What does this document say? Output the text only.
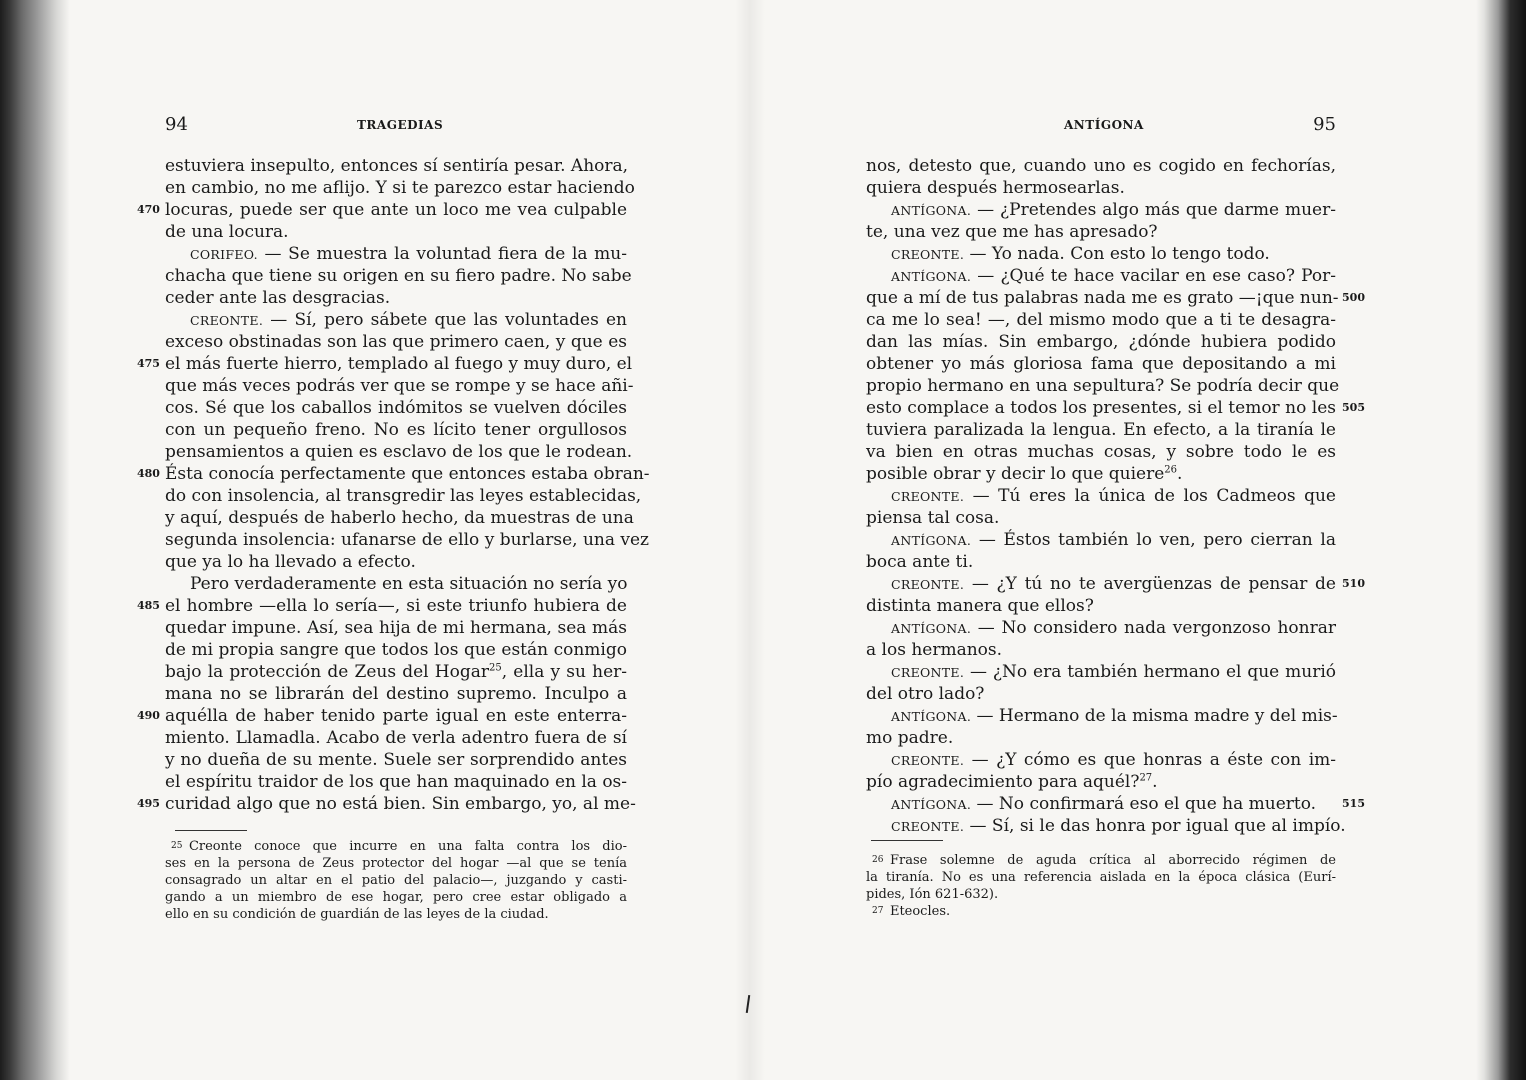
94	TRAGEDIAS
estuviera insepulto, entonces sí sentiría pesar. Ahora,
en cambio, no me aflijo. Y si te parezco estar haciendo
470 locuras, puede ser que ante un loco me vea culpable
de una locura.
CORIFEO. — Se muestra la voluntad fiera de la mu-
chacha que tiene su origen en su fiero padre. No sabe
ceder ante las desgracias.
CREONTE. — Sí, pero sábete que las voluntades en
exceso obstinadas son las que primero caen, y que es
475 el más fuerte hierro, templado al fuego y muy duro, el
que más veces podrás ver que se rompe y se hace añi-
cos. Sé que los caballos indómitos se vuelven dóciles
con un pequeño freno. No es lícito tener orgullosos
pensamientos a quien es esclavo de los que le rodean.
480 Ésta conocía perfectamente que entonces estaba obran-
do con insolencia, al transgredir las leyes establecidas,
y aquí, después de haberlo hecho, da muestras de una
segunda insolencia: ufanarse de ello y burlarse, una vez
que ya lo ha llevado a efecto.
Pero verdaderamente en esta situación no sería yo
485 el hombre —ella lo sería—, si este triunfo hubiera de
quedar impune. Así, sea hija de mi hermana, sea más
de mi propia sangre que todos los que están conmigo
bajo la protección de Zeus del Hogar$^{25}$, ella y su her-
mana no se librarán del destino supremo. Inculpo a
490 aquélla de haber tenido parte igual en este enterra-
miento. Llamadla. Acabo de verla adentro fuera de sí
y no dueña de su mente. Suele ser sorprendido antes
el espíritu traidor de los que han maquinado en la os-
495 curidad algo que no está bien. Sin embargo, yo, al me-
25  Creonte conoce que incurre en una falta contra los dio-
ses en la persona de Zeus protector del hogar —al que se tenía
consagrado un altar en el patio del palacio—, juzgando y casti-
gando a un miembro de ese hogar, pero cree estar obligado a
ello en su condición de guardián de las leyes de la ciudad.
95
ANTÍGONA
nos, detesto que, cuando uno es cogido en fechorías,
quiera después hermosearlas.
ANTÍGONA. — ¿Pretendes algo más que darme muer-
te, una vez que me has apresado?
CREONTE. — Yo nada. Con esto lo tengo todo.
ANTÍGONA. — ¿Qué te hace vacilar en ese caso? Por-
500
que a mí de tus palabras nada me es grato —¡que nun-
ca me lo sea! —, del mismo modo que a ti te desagra-
dan las mías. Sin embargo, ¿dónde hubiera podido
obtener yo más gloriosa fama que depositando a mi
propio hermano en una sepultura? Se podría decir que
505
esto complace a todos los presentes, si el temor no les
tuviera paralizada la lengua. En efecto, a la tiranía le
va bien en otras muchas cosas, y sobre todo le es
posible obrar y decir lo que quiere$^{26}$.
CREONTE. — Tú eres la única de los Cadmeos que
piensa tal cosa.
ANTÍGONA. — Éstos también lo ven, pero cierran la
boca ante ti.
510
CREONTE. — ¿Y tú no te avergüenzas de pensar de
distinta manera que ellos?
ANTÍGONA. — No considero nada vergonzoso honrar
a los hermanos.
CREONTE. — ¿No era también hermano el que murió
del otro lado?
ANTÍGONA. — Hermano de la misma madre y del mis-
mo padre.
CREONTE. — ¿Y cómo es que honras a éste con im-
pío agradecimiento para aquél?$^{27}$.
515
ANTÍGONA. — No confirmará eso el que ha muerto.
CREONTE. — Sí, si le das honra por igual que al impío.
26  Frase solemne de aguda crítica al aborrecido régimen de
la tiranía. No es una referencia aislada en la época clásica (Eurí-
pides, Ión 621-632).
27  Eteocles.
